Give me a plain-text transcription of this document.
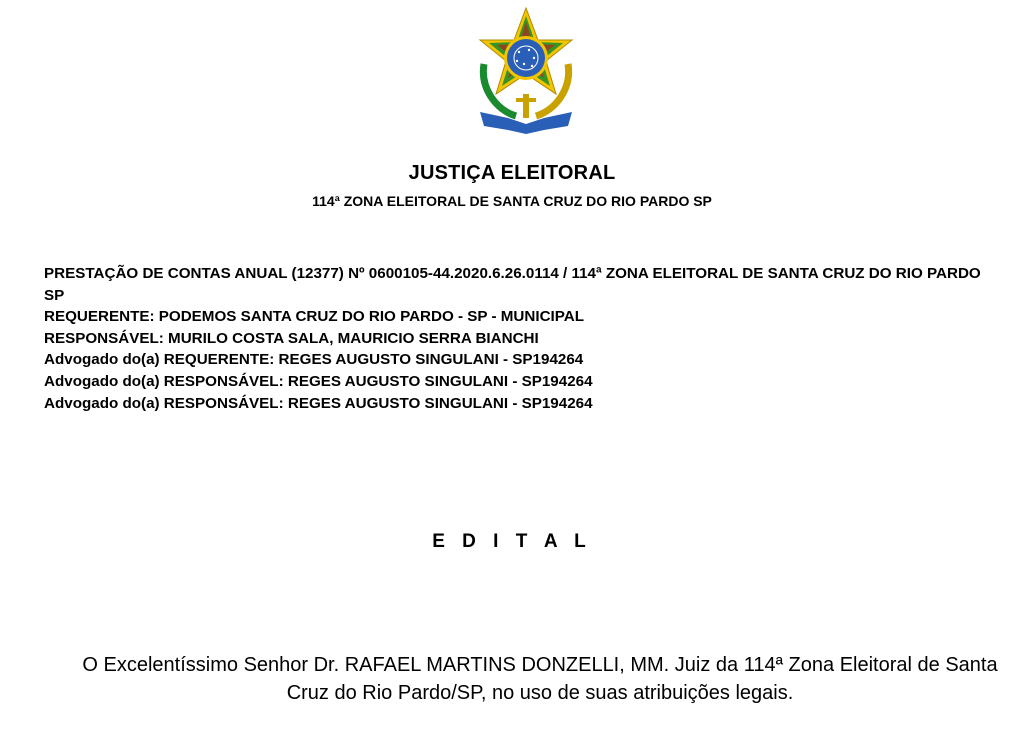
JUSTIÇA ELEITORAL
114ª ZONA ELEITORAL DE SANTA CRUZ DO RIO PARDO SP
PRESTAÇÃO DE CONTAS ANUAL (12377) Nº 0600105-44.2020.6.26.0114 / 114ª ZONA ELEITORAL DE SANTA CRUZ DO RIO PARDO SP
REQUERENTE: PODEMOS SANTA CRUZ DO RIO PARDO - SP - MUNICIPAL
RESPONSÁVEL: MURILO COSTA SALA, MAURICIO SERRA BIANCHI
Advogado do(a) REQUERENTE: REGES AUGUSTO SINGULANI - SP194264
Advogado do(a) RESPONSÁVEL: REGES AUGUSTO SINGULANI - SP194264
Advogado do(a) RESPONSÁVEL: REGES AUGUSTO SINGULANI - SP194264
E D I T A L
O Excelentíssimo Senhor Dr. RAFAEL MARTINS DONZELLI, MM. Juiz da 114ª Zona Eleitoral de Santa Cruz do Rio Pardo/SP, no uso de suas atribuições legais.
